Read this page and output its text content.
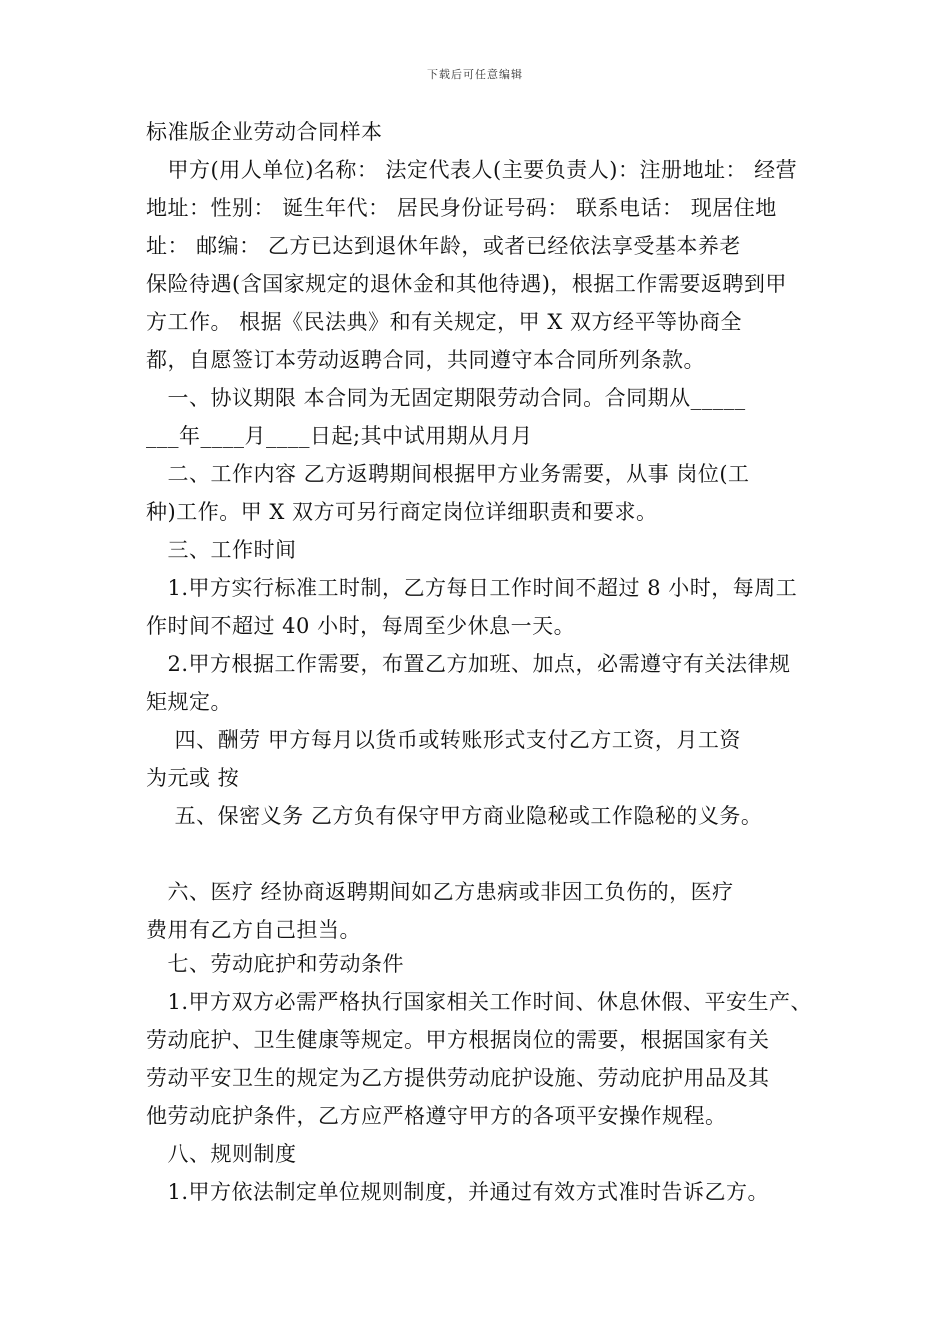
下载后可任意编辑
标准版企业劳动合同样本
　甲方(用人单位)名称： 法定代表人(主要负责人)：注册地址： 经营
地址：性别： 诞生年代： 居民身份证号码： 联系电话： 现居住地
址： 邮编： 乙方已达到退休年龄，或者已经依法享受基本养老
保险待遇(含国家规定的退休金和其他待遇)，根据工作需要返聘到甲
方工作。 根据《民法典》和有关规定，甲 X 双方经平等协商全
都，自愿签订本劳动返聘合同，共同遵守本合同所列条款。
　一、协议期限 本合同为无固定期限劳动合同。合同期从_____
___年____月____日起;其中试用期从月月
　二、工作内容 乙方返聘期间根据甲方业务需要，从事 岗位(工
种)工作。甲 X 双方可另行商定岗位详细职责和要求。
　三、工作时间
　1.甲方实行标准工时制，乙方每日工作时间不超过 8 小时，每周工
作时间不超过 40 小时，每周至少休息一天。
　2.甲方根据工作需要，布置乙方加班、加点，必需遵守有关法律规
矩规定。
　 四、酬劳 甲方每月以货币或转账形式支付乙方工资，月工资
为元或 按
　 五、保密义务 乙方负有保守甲方商业隐秘或工作隐秘的义务。
　六、医疗 经协商返聘期间如乙方患病或非因工负伤的，医疗
费用有乙方自己担当。
　七、劳动庇护和劳动条件
　1.甲方双方必需严格执行国家相关工作时间、休息休假、平安生产、
劳动庇护、卫生健康等规定。甲方根据岗位的需要，根据国家有关
劳动平安卫生的规定为乙方提供劳动庇护设施、劳动庇护用品及其
他劳动庇护条件，乙方应严格遵守甲方的各项平安操作规程。
　八、规则制度
　1.甲方依法制定单位规则制度，并通过有效方式准时告诉乙方。
